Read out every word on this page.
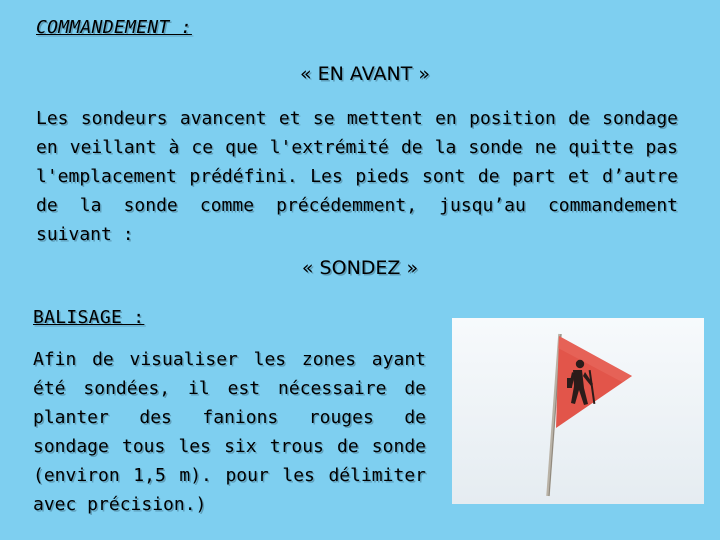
COMMANDEMENT :
« EN AVANT »

Les sondeurs avancent et se mettent en position de sondage en veillant à ce que l'extrémité de la sonde ne quitte pas l'emplacement prédéfini. Les pieds sont de part et d’autre de la sonde comme précédemment, jusqu’au commandement suivant :

« SONDEZ »
BALISAGE :

Afin de visualiser les zones ayant été sondées, il est nécessaire de planter des fanions rouges de sondage tous les six trous de sonde (environ 1,5 m). pour les délimiter avec précision.)
